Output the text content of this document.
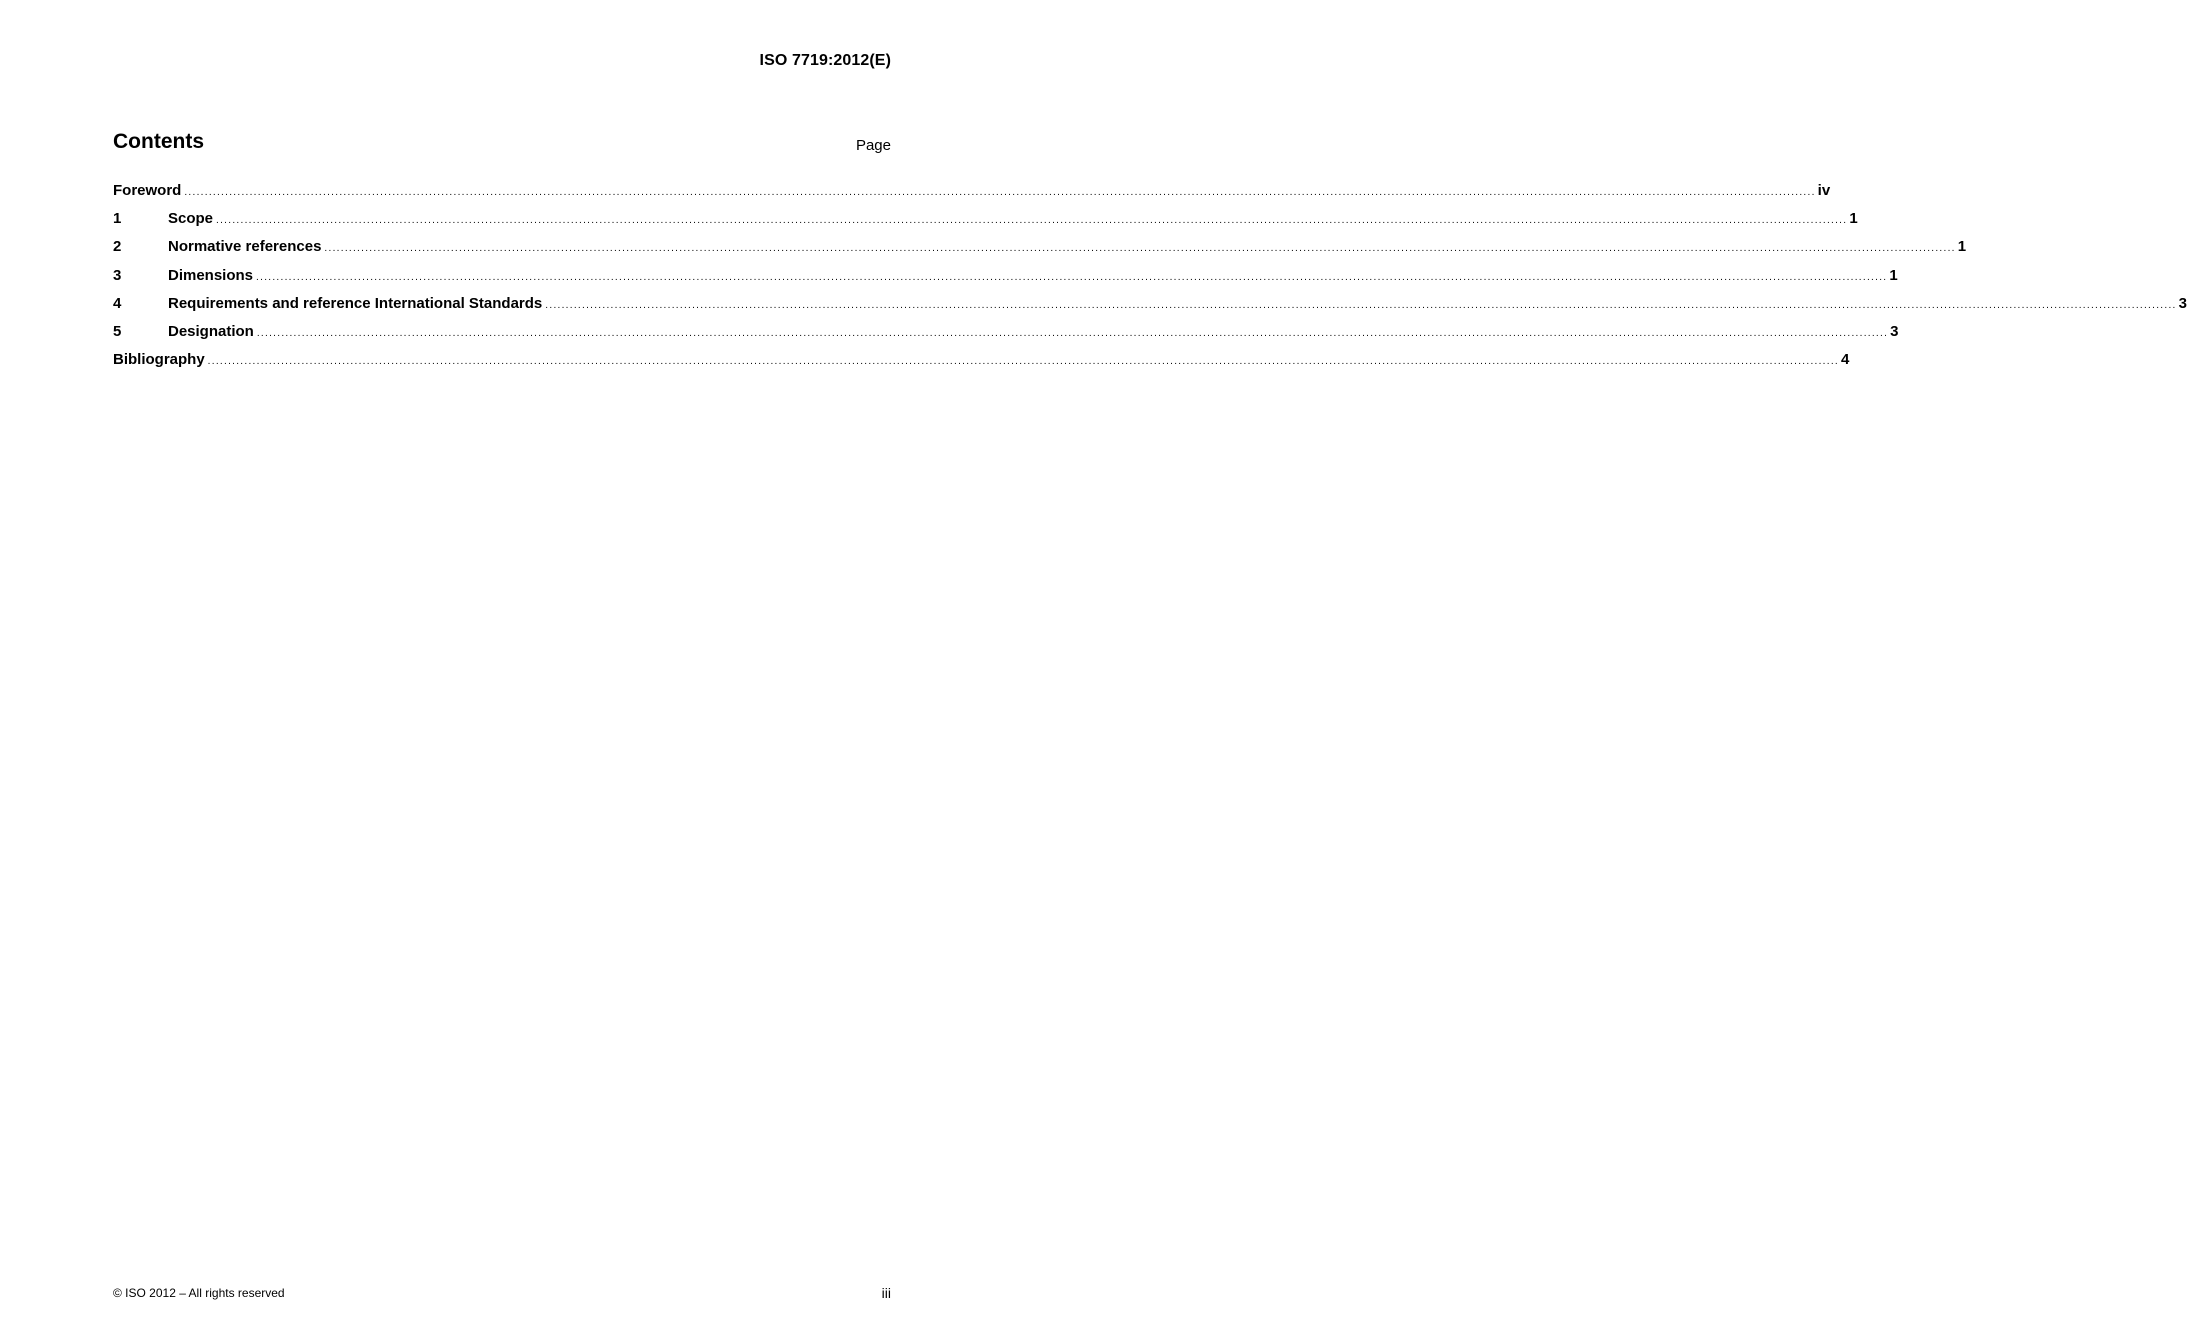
ISO 7719:2012(E)
Contents	Page
Foreword ................................................................................................................................................................................................................................................................................................................................................................................................................ iv
1	Scope ................................................................................................................................................................................................................................................................................................................................................................................................................ 1
2	Normative references ................................................................................................................................................................................................................................................................................................................................................................................................................ 1
3	Dimensions ................................................................................................................................................................................................................................................................................................................................................................................................................ 1
4	Requirements and reference International Standards ................................................................................................................................................................................................................................................................................................................................................................................................................ 3
5	Designation ................................................................................................................................................................................................................................................................................................................................................................................................................ 3
Bibliography ................................................................................................................................................................................................................................................................................................................................................................................................................ 4
© ISO 2012 – All rights reserved	iii
